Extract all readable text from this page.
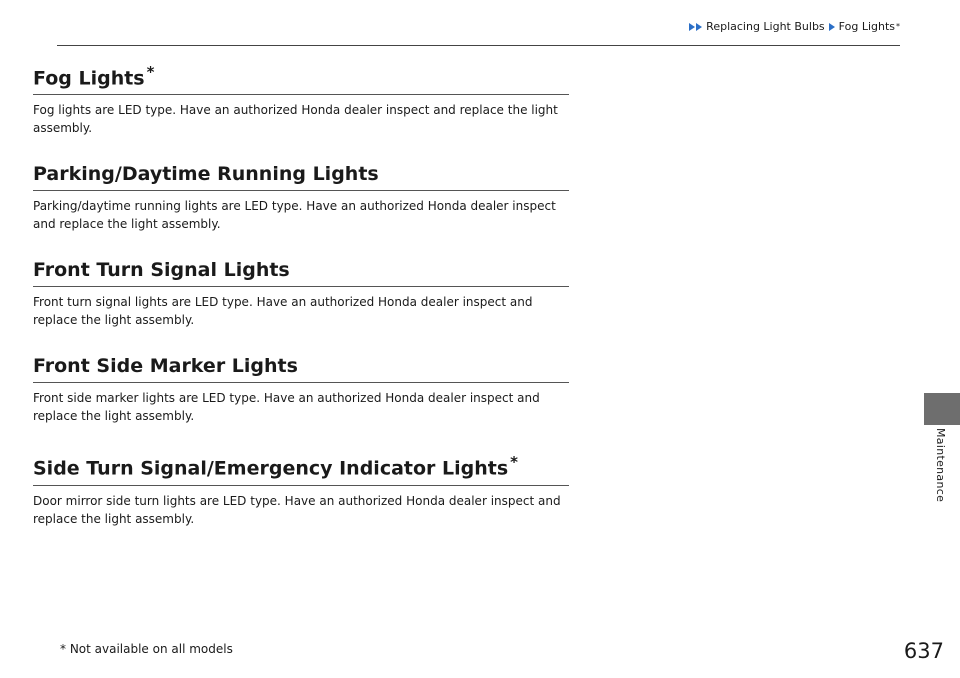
Replacing Light Bulbs Fog Lights *
Fog Lights *

Fog lights are LED type. Have an authorized Honda dealer inspect and replace the light assembly.

Parking/Daytime Running Lights

Parking/daytime running lights are LED type. Have an authorized Honda dealer inspect and replace the light assembly.

Front Turn Signal Lights

Front turn signal lights are LED type. Have an authorized Honda dealer inspect and replace the light assembly.

Front Side Marker Lights

Front side marker lights are LED type. Have an authorized Honda dealer inspect and replace the light assembly.

Side Turn Signal/Emergency Indicator Lights *

Door mirror side turn lights are LED type. Have an authorized Honda dealer inspect and replace the light assembly.

* Not available on all models	637
Maintenance
